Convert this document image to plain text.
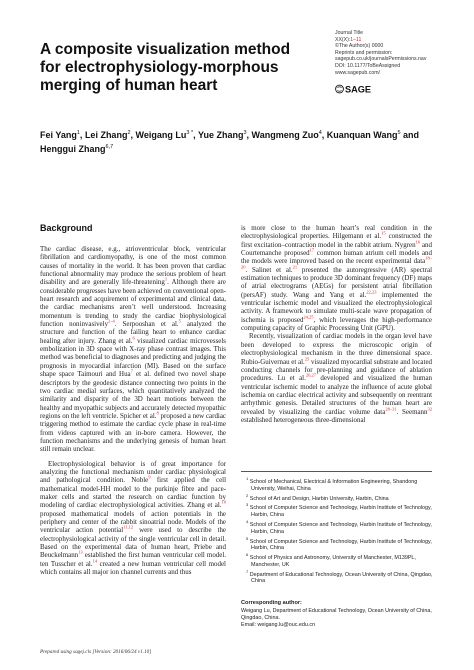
A composite visualization method for electrophysiology-morphous merging of human heart
Journal Title
XX(X):1–11
©The Author(s) 0000
Reprints and permission:
sagepub.co.uk/journalsPermissions.nav
DOI: 10.1177/ToBeAssigned
www.sagepub.com/
SAGE
Fei Yang$^1$, Lei Zhang$^2$, Weigang $Lu^{3 *}$, Yue Zhang$^3$, Wangmeng Zuo$^4$, Kuanquan Wang$^5$ and Henggui Zhang$^{6,7}$
Background

The cardiac disease, e.g., atrioventricular block, ventricular fibrillation and cardiomyopathy, is one of the most common causes of mortality in the world. It has been proven that cardiac functional abnormality may produce the serious problem of heart disability and are generally life-threatening$^1$. Although there are considerable progresses have been achieved on conventional open-heart research and acquirement of experimental and clinical data, the cardiac mechanisms aren’t well understood. Increasing momentum is trending to study the cardiac biophysiological function noninvasively$^{2-4}$. Serpooshan et al.$^5$ analyzed the structure and function of the failing heart to enhance cardiac healing after injury. Zhang et al.$^6$ visualized cardiac microvessels embolization in 3D space with X-ray phase contrast images. This method was beneficial to diagnoses and predicting and judging the prognosis in myocardial infarction (MI). Based on the surface shape space Taimouri and Hua$^7$ et al. defined two novel shape descriptors by the geodesic distance connecting two points in the two cardiac medial surfaces, which quantitatively analyzed the similarity and disparity of the 3D heart motions between the healthy and myopathic subjects and accurately detected myopathic regions on the left ventricle. Spicher et al.$^8$ proposed a new cardiac triggering method to estimate the cardiac cycle phase in real-time from videos captured with an in-bore camera. However, the function mechanisms and the underlying genesis of human heart still remain unclear.

Electrophysiological behavior is of great importance for analyzing the functional mechanism under cardiac physiological and pathological condition. Noble$^9$ first applied the cell mathematical model-HH model to the purkinje fibre and pace-maker cells and started the research on cardiac function by modeling of cardiac electrophysiological activities. Zhang et al.$^{10}$ proposed mathematical models of action potentials in the periphery and center of the rabbit sinoatrial node. Models of the ventricular action potential$^{11,12}$ were used to describe the electrophysiological activity of the single ventricular cell in detail. Based on the experimental data of human heart, Priebe and Beuckelmann$^{13}$ established the first human ventricular cell model. ten Tusscher et al.$^{14}$ created a new human ventricular cell model which contains all major ion channel currents and thus

is more close to the human heart’s real condition in the electrophysiological properties. Hilgemann et al.$^{15}$ constructed the first excitation–contraction model in the rabbit atrium. Nygren$^{16}$ and Courtemanche proposed$^{17}$ common human atrium cell models and the models were improved based on the recent experimental data$^{18-20}$. Salinet et al.$^{21}$ presented the autoregressive (AR) spectral estimation techniques to produce 3D dominant frequency (DF) maps of atrial electrograms (AEGs) for persistent atrial fibrillation (persAF) study. Wang and Yang et al.$^{22,23}$ implemented the ventricular ischemic model and visualized the electrophysiological activity. A framework to simulate multi-scale wave propagation of ischemia is proposed$^{24,25}$, which leverages the high-performance computing capacity of Graphic Processing Unit (GPU).

Recently, visualization of cardiac models in the organ level have been developed to express the microscopic origin of electrophysiological mechanism in the three dimensional space. Rubio-Guivernau et al.$^{25}$ visualized myocardial substrate and located conducting channels for pre-planning and guidance of ablation procedures. Lu et al.$^{26,27}$ developed and visualized the human ventricular ischemic model to analyze the influence of acute global ischemia on cardiac electrical activity and subsequently on reentrant arrhythmic genesis. Detailed structures of the human heart are revealed by visualizing the cardiac volume data$^{28-31}$. Seemann$^{32}$ established heterogeneous three-dimensional

$^1$ School of Mechanical, Electrical & Information Engineering, Shandong University, Weihai, China

$^2$ School of Art and Design, Harbin University, Harbin, China

$^3$ School of Computer Science and Technology, Harbin Institute of Technology, Harbin, China

$^4$ School of Computer Science and Technology, Harbin Institute of Technology, Harbin, China

$^5$ School of Computer Science and Technology, Harbin Institute of Technology, Harbin, China

$^6$ School of Physics and Astronomy, University of Manchester, M139PL, Manchester, UK

$^7$ Department of Educational Technology, Ocean University of China, Qingdao, China

Corresponding author:

Weigang Lu, Department of Educational Technology, Ocean University of China, Qingdao, China.
Email: weigang.lu@ouc.edu.cn

Prepared using sagej.cls [Version: 2016/06/24 v1.10]
